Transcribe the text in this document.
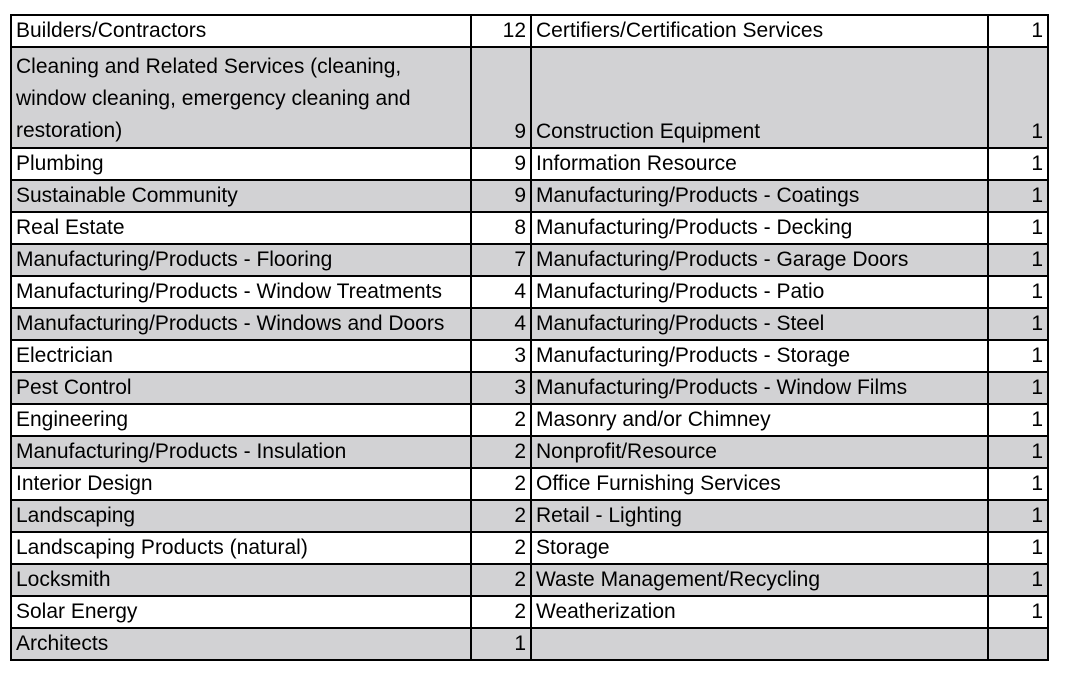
Builders/Contractors	12	Certifiers/Certification Services	1
Cleaning and Related Services (cleaning, window cleaning, emergency cleaning and restoration)	9	Construction Equipment	1
Plumbing	9	Information Resource	1
Sustainable Community	9	Manufacturing/Products - Coatings	1
Real Estate	8	Manufacturing/Products - Decking	1
Manufacturing/Products - Flooring	7	Manufacturing/Products - Garage Doors	1
Manufacturing/Products - Window Treatments	4	Manufacturing/Products - Patio	1
Manufacturing/Products - Windows and Doors	4	Manufacturing/Products - Steel	1
Electrician	3	Manufacturing/Products - Storage	1
Pest Control	3	Manufacturing/Products - Window Films	1
Engineering	2	Masonry and/or Chimney	1
Manufacturing/Products - Insulation	2	Nonprofit/Resource	1
Interior Design	2	Office Furnishing Services	1
Landscaping	2	Retail - Lighting	1
Landscaping Products (natural)	2	Storage	1
Locksmith	2	Waste Management/Recycling	1
Solar Energy	2	Weatherization	1
Architects	1		
